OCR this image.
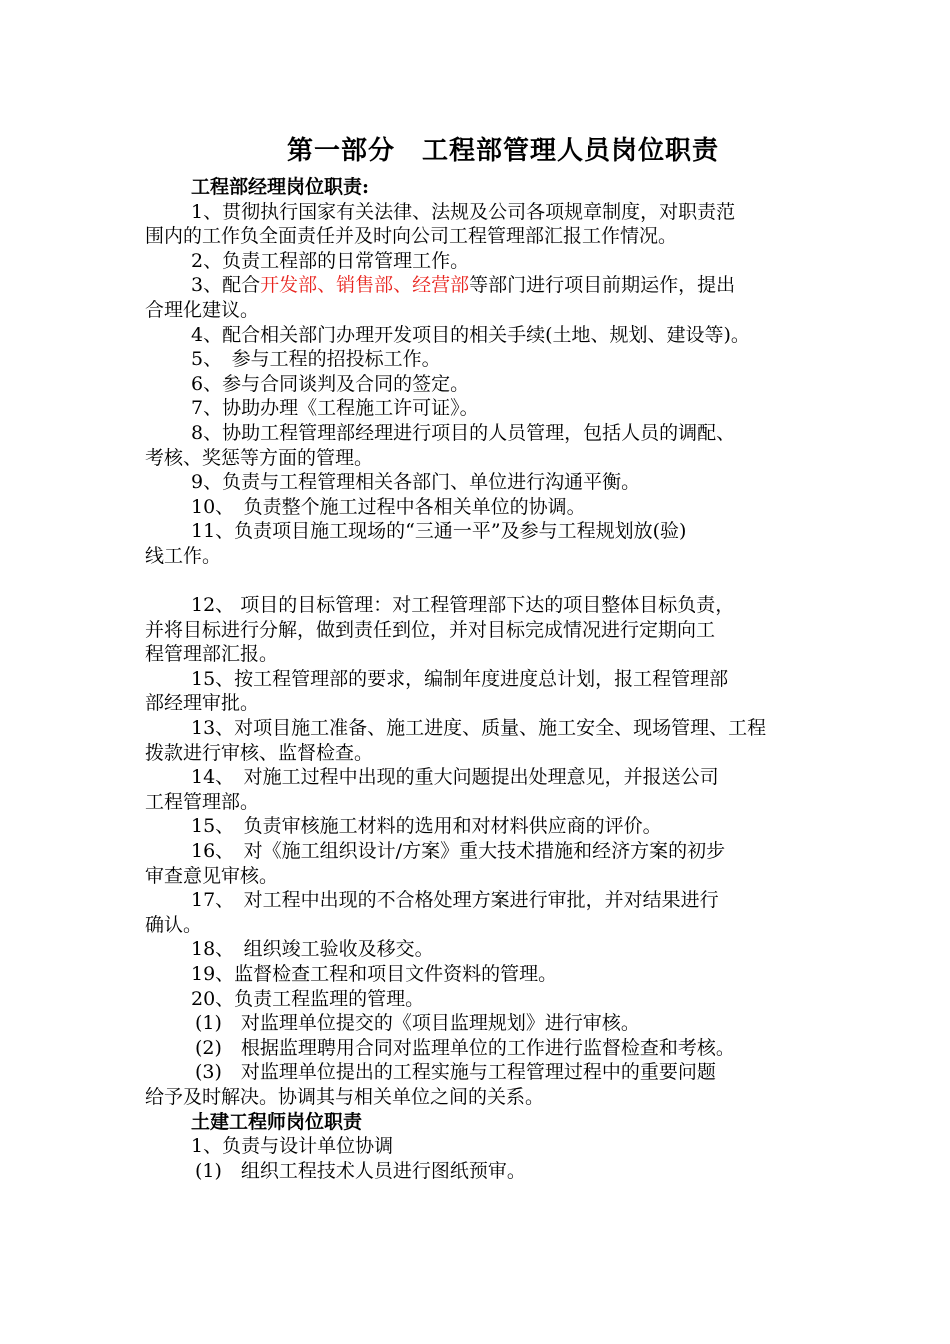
第一部分　工程部管理人员岗位职责
工程部经理岗位职责:
1、贯彻执行国家有关法律、法规及公司各项规章制度，对职责范
围内的工作负全面责任并及时向公司工程管理部汇报工作情况。
2、负责工程部的日常管理工作。
3、配合开发部、销售部、经营部等部门进行项目前期运作，提出
合理化建议。
4、配合相关部门办理开发项目的相关手续(土地、规划、建设等)。
5、　参与工程的招投标工作。
6、参与合同谈判及合同的签定。
7、协助办理《工程施工许可证》。
8、协助工程管理部经理进行项目的人员管理，包括人员的调配、
考核、奖惩等方面的管理。
9、负责与工程管理相关各部门、单位进行沟通平衡。
10、　负责整个施工过程中各相关单位的协调。
11、负责项目施工现场的“三通一平”及参与工程规划放(验)
线工作。
12、 项目的目标管理：对工程管理部下达的项目整体目标负责，
并将目标进行分解，做到责任到位，并对目标完成情况进行定期向工
程管理部汇报。
15、按工程管理部的要求，编制年度进度总计划，报工程管理部
部经理审批。
13、对项目施工准备、施工进度、质量、施工安全、现场管理、工程
拨款进行审核、监督检查。
14、　对施工过程中出现的重大问题提出处理意见，并报送公司
工程管理部。
15、　负责审核施工材料的选用和对材料供应商的评价。
16、　对《施工组织设计/方案》重大技术措施和经济方案的初步
审查意见审核。
17、　对工程中出现的不合格处理方案进行审批，并对结果进行
确认。
18、　组织竣工验收及移交。
19、监督检查工程和项目文件资料的管理。
20、负责工程监理的管理。
(1)　对监理单位提交的《项目监理规划》进行审核。
(2)　根据监理聘用合同对监理单位的工作进行监督检查和考核。
(3)　对监理单位提出的工程实施与工程管理过程中的重要问题
给予及时解决。协调其与相关单位之间的关系。
土建工程师岗位职责
1、负责与设计单位协调
(1)　组织工程技术人员进行图纸预审。
